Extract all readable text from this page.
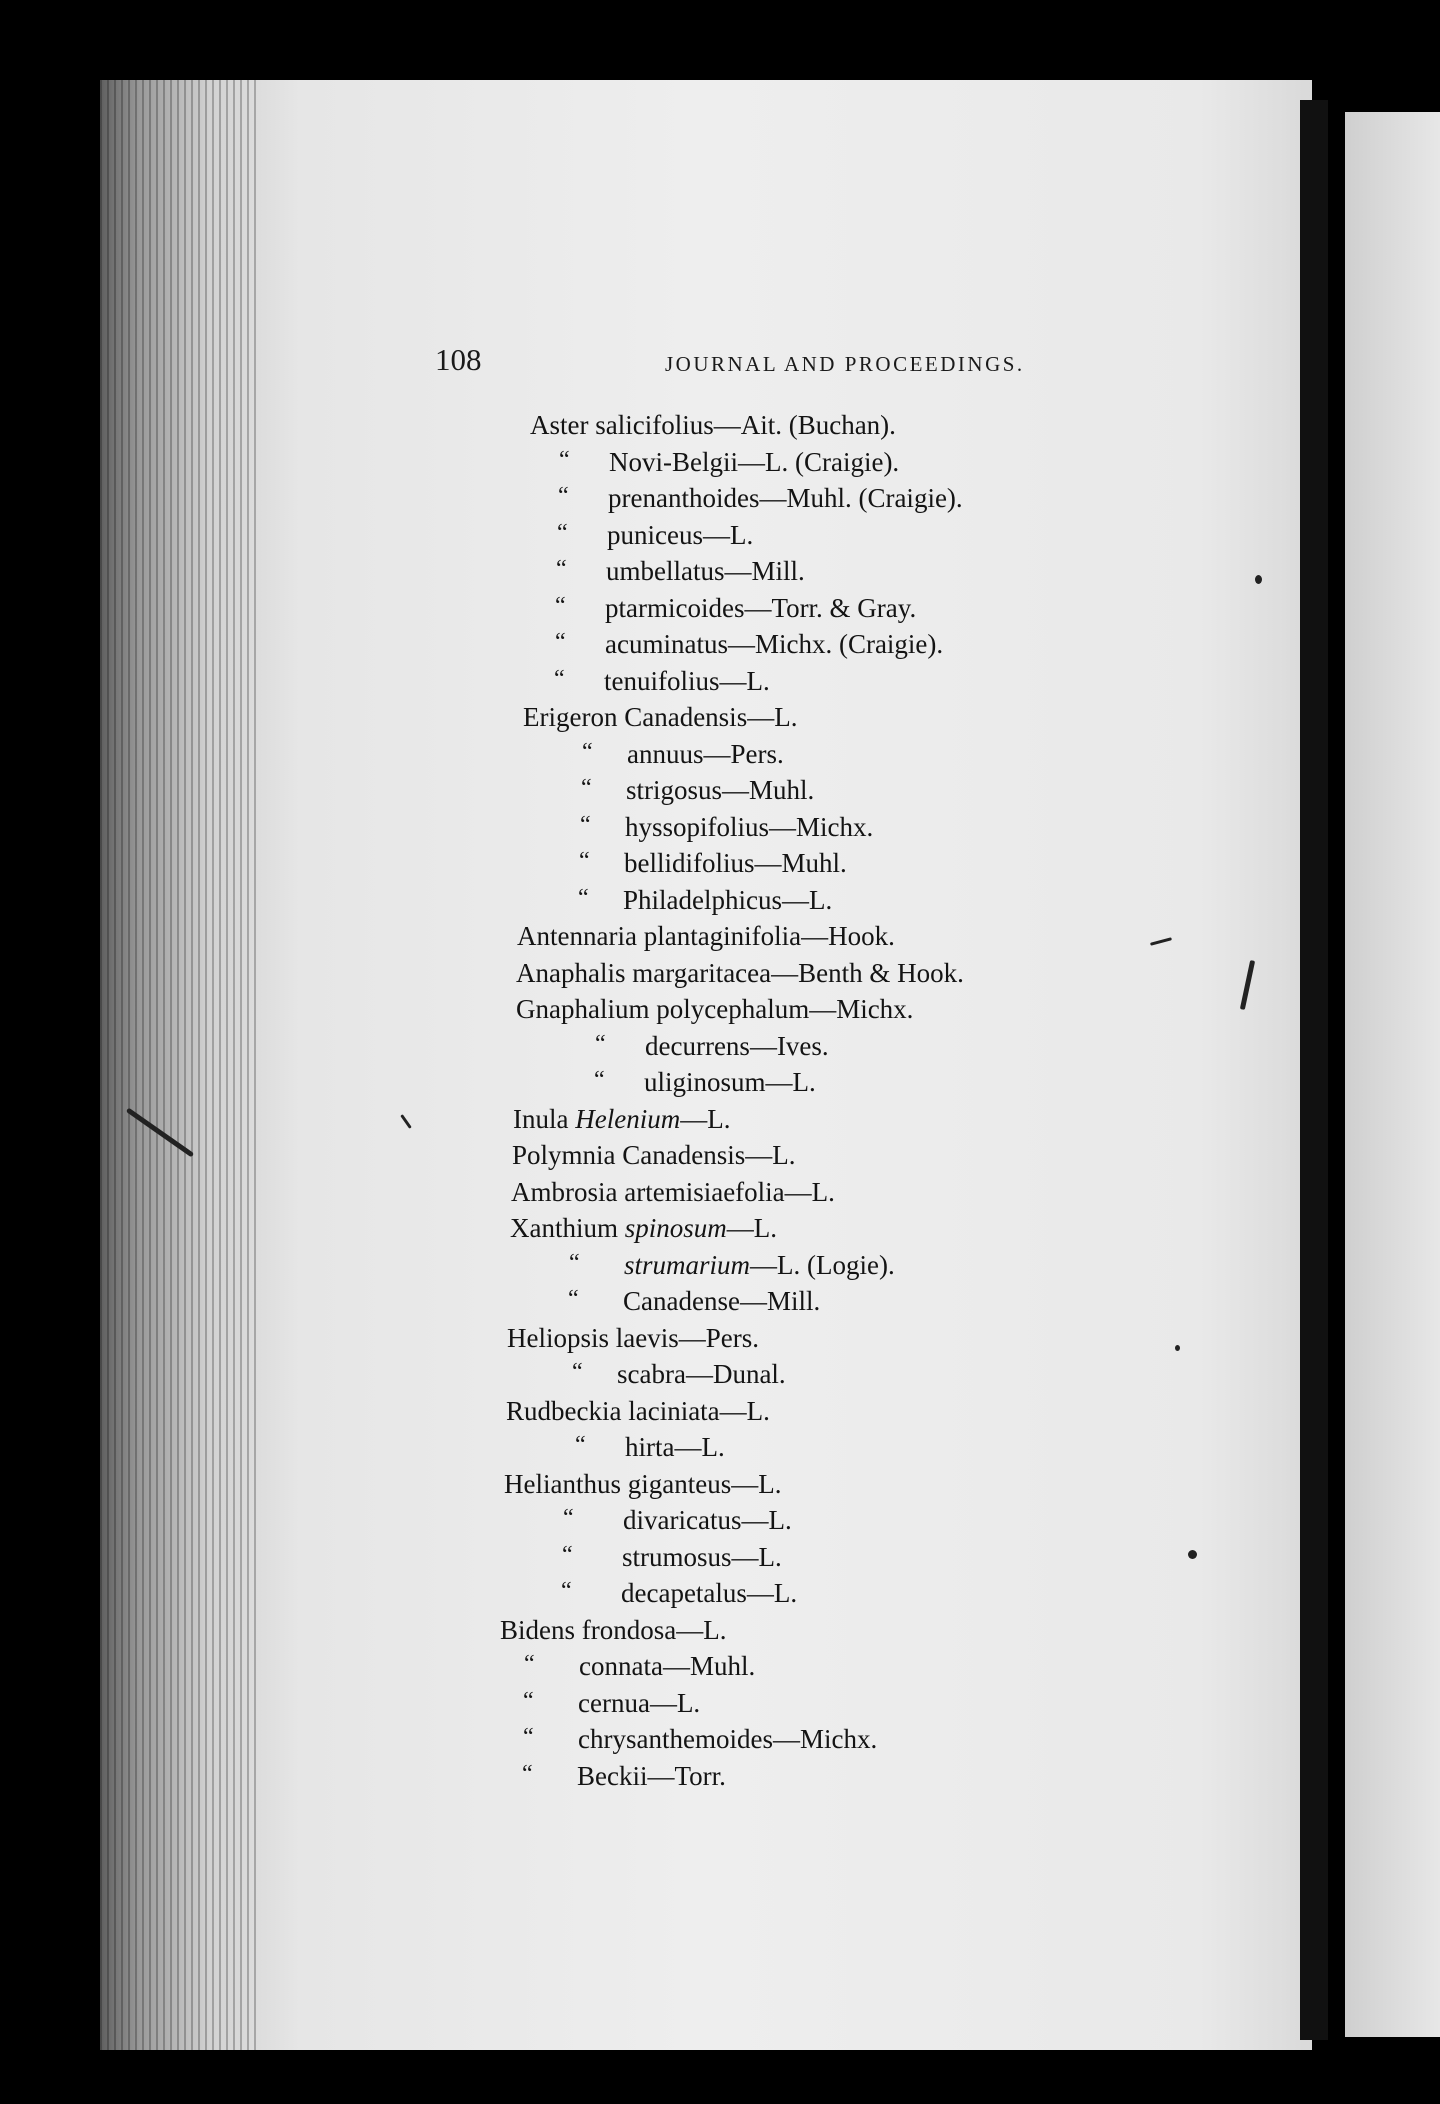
108	JOURNAL AND PROCEEDINGS.
Aster salicifolius—Ait. (Buchan).
“ Novi-Belgii—L. (Craigie).
“ prenanthoides—Muhl. (Craigie).
“ puniceus—L.
“ umbellatus—Mill.
“ ptarmicoides—Torr. & Gray.
“ acuminatus—Michx. (Craigie).
“ tenuifolius—L.
Erigeron Canadensis—L.
“ annuus—Pers.
“ strigosus—Muhl.
“ hyssopifolius—Michx.
“ bellidifolius—Muhl.
“ Philadelphicus—L.
Antennaria plantaginifolia—Hook.
Anaphalis margaritacea—Benth & Hook.
Gnaphalium polycephalum—Michx.
“ decurrens—Ives.
“ uliginosum—L.
Inula Helenium—L.
Polymnia Canadensis—L.
Ambrosia artemisiaefolia—L.
Xanthium spinosum—L.
“ strumarium—L. (Logie).
“ Canadense—Mill.
Heliopsis laevis—Pers.
“ scabra—Dunal.
Rudbeckia laciniata—L.
“ hirta—L.
Helianthus giganteus—L.
“ divaricatus—L.
“ strumosus—L.
“ decapetalus—L.
Bidens frondosa—L.
“ connata—Muhl.
“ cernua—L.
“ chrysanthemoides—Michx.
“ Beckii—Torr.
